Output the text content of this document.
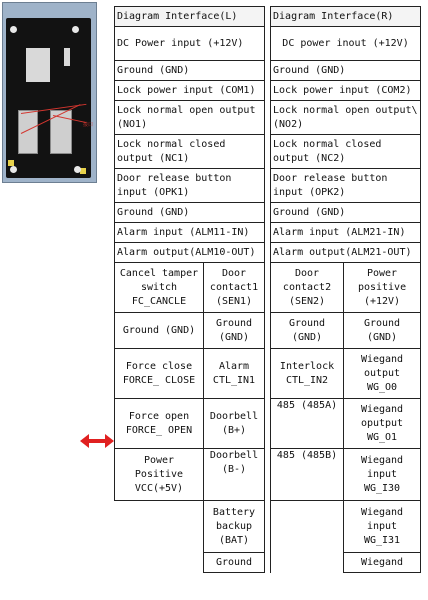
接口
Diagram Interface(L)			Diagram Interface(R)	
DC Power input (+12V)			DC power inout (+12V)	
Ground (GND)			Ground (GND)	
Lock power input (COM1)			Lock power input (COM2)	
Lock normal open output (NO1)			Lock normal open output\ (NO2)	
Lock normal closed output (NC1)			Lock normal closed output (NC2)	
Door release button input (OPK1)			Door release button input (OPK2)	
Ground (GND)			Ground (GND)	
Alarm input (ALM11-IN)			Alarm input (ALM21-IN)	
Alarm output(ALM10-OUT)			Alarm output(ALM21-OUT)	
Cancel tamper switch FC_CANCLE	Door contact1 (SEN1)		Door contact2 (SEN2)	Power positive (+12V)
Ground (GND)	Ground (GND)		Ground (GND)	Ground (GND)
Force close FORCE_ CLOSE	Alarm CTL_IN1		Interlock CTL_IN2	Wiegand output WG_O0
Force open FORCE_ OPEN	Doorbell (B+)		485 (485A)	Wiegand oputput WG_O1
Power Positive VCC(+5V)	Doorbell (B-)		485 (485B)	Wiegand input WG_I30
	Battery backup (BAT)			Wiegand input WG_I31
	Ground			Wiegand
